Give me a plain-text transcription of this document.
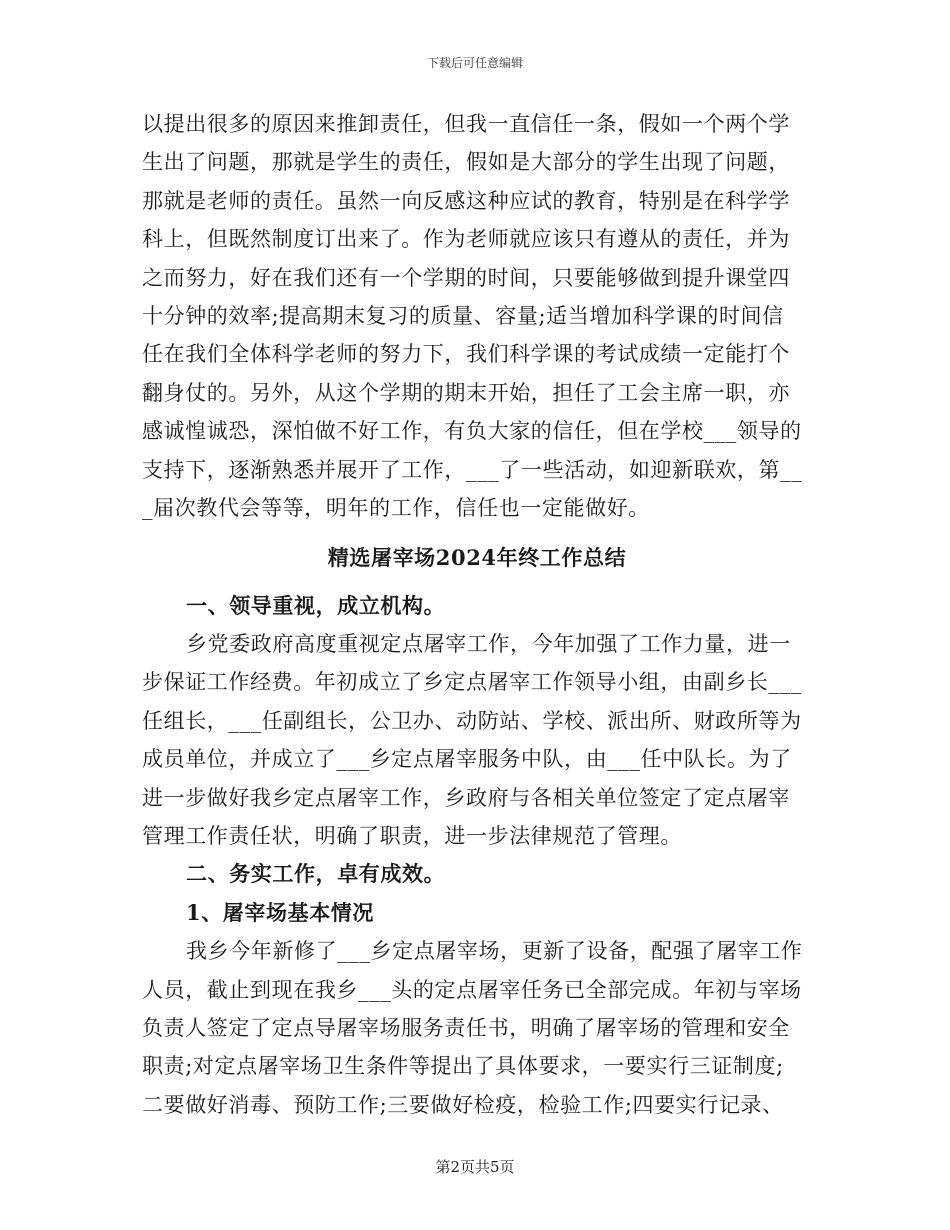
下载后可任意编辑
以提出很多的原因来推卸责任，但我一直信任一条，假如一个两个学
生出了问题，那就是学生的责任，假如是大部分的学生出现了问题，
那就是老师的责任。虽然一向反感这种应试的教育，特别是在科学学
科上，但既然制度订出来了。作为老师就应该只有遵从的责任，并为
之而努力，好在我们还有一个学期的时间，只要能够做到提升课堂四
十分钟的效率;提高期末复习的质量、容量;适当增加科学课的时间信
任在我们全体科学老师的努力下，我们科学课的考试成绩一定能打个
翻身仗的。另外，从这个学期的期末开始，担任了工会主席一职，亦
感诚惶诚恐，深怕做不好工作，有负大家的信任，但在学校___领导的
支持下，逐渐熟悉并展开了工作，___了一些活动，如迎新联欢，第__
_届次教代会等等，明年的工作，信任也一定能做好。
精选屠宰场2024年终工作总结
一、领导重视，成立机构。
乡党委政府高度重视定点屠宰工作，今年加强了工作力量，进一
步保证工作经费。年初成立了乡定点屠宰工作领导小组，由副乡长___
任组长，___任副组长，公卫办、动防站、学校、派出所、财政所等为
成员单位，并成立了___乡定点屠宰服务中队，由___任中队长。为了
进一步做好我乡定点屠宰工作，乡政府与各相关单位签定了定点屠宰
管理工作责任状，明确了职责，进一步法律规范了管理。
二、务实工作，卓有成效。
1、屠宰场基本情况
我乡今年新修了___乡定点屠宰场，更新了设备，配强了屠宰工作
人员，截止到现在我乡___头的定点屠宰任务已全部完成。年初与宰场
负责人签定了定点导屠宰场服务责任书，明确了屠宰场的管理和安全
职责;对定点屠宰场卫生条件等提出了具体要求，一要实行三证制度;
二要做好消毒、预防工作;三要做好检疫，检验工作;四要实行记录、
第2页共5页
